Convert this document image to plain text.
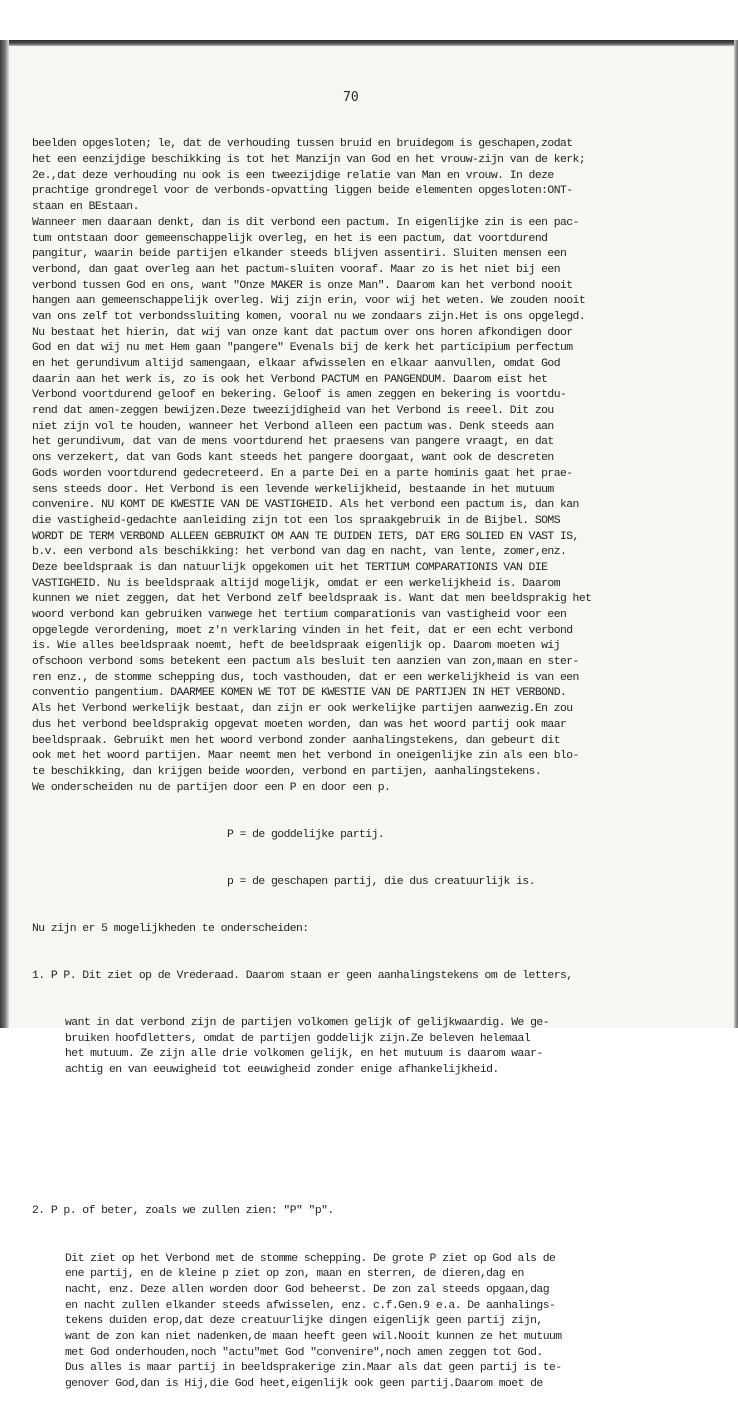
70

beelden opgesloten; le, dat de verhouding tussen bruid en bruidegom is geschapen,zodat
het een eenzijdige beschikking is tot het Manzijn van God en het vrouw-zijn van de kerk;
2e.,dat deze verhouding nu ook is een tweezijdige relatie van Man en vrouw. In deze
prachtige grondregel voor de verbonds-opvatting liggen beide elementen opgesloten:ONT-
staan en BEstaan.
Wanneer men daaraan denkt, dan is dit verbond een pactum. In eigenlijke zin is een pac-
tum ontstaan door gemeenschappelijk overleg, en het is een pactum, dat voortdurend
pangitur, waarin beide partijen elkander steeds blijven assentiri. Sluiten mensen een
verbond, dan gaat overleg aan het pactum-sluiten vooraf. Maar zo is het niet bij een
verbond tussen God en ons, want "Onze MAKER is onze Man". Daarom kan het verbond nooit
hangen aan gemeenschappelijk overleg. Wij zijn erin, voor wij het weten. We zouden nooit
van ons zelf tot verbondssluiting komen, vooral nu we zondaars zijn.Het is ons opgelegd.
Nu bestaat het hierin, dat wij van onze kant dat pactum over ons horen afkondigen door
God en dat wij nu met Hem gaan "pangere" Evenals bij de kerk het participium perfectum
en het gerundivum altijd samengaan, elkaar afwisselen en elkaar aanvullen, omdat God
daarin aan het werk is, zo is ook het Verbond PACTUM en PANGENDUM. Daarom eist het
Verbond voortdurend geloof en bekering. Geloof is amen zeggen en bekering is voortdu-
rend dat amen-zeggen bewijzen.Deze tweezijdigheid van het Verbond is reeel. Dit zou
niet zijn vol te houden, wanneer het Verbond alleen een pactum was. Denk steeds aan
het gerundivum, dat van de mens voortdurend het praesens van pangere vraagt, en dat
ons verzekert, dat van Gods kant steeds het pangere doorgaat, want ook de descreten
Gods worden voortdurend gedecreteerd. En a parte Dei en a parte hominis gaat het prae-
sens steeds door. Het Verbond is een levende werkelijkheid, bestaande in het mutuum
convenire. NU KOMT DE KWESTIE VAN DE VASTIGHEID. Als het verbond een pactum is, dan kan
die vastigheid-gedachte aanleiding zijn tot een los spraakgebruik in de Bijbel. SOMS
WORDT DE TERM VERBOND ALLEEN GEBRUIKT OM AAN TE DUIDEN IETS, DAT ERG SOLIED EN VAST IS,
b.v. een verbond als beschikking: het verbond van dag en nacht, van lente, zomer,enz.
Deze beeldspraak is dan natuurlijk opgekomen uit het TERTIUM COMPARATIONIS VAN DIE
VASTIGHEID. Nu is beeldspraak altijd mogelijk, omdat er een werkelijkheid is. Daarom
kunnen we niet zeggen, dat het Verbond zelf beeldspraak is. Want dat men beeldsprakig het
woord verbond kan gebruiken vanwege het tertium comparationis van vastigheid voor een
opgelegde verordening, moet z'n verklaring vinden in het feit, dat er een echt verbond
is. Wie alles beeldspraak noemt, heft de beeldspraak eigenlijk op. Daarom moeten wij
ofschoon verbond soms betekent een pactum als besluit ten aanzien van zon,maan en ster-
ren enz., de stomme schepping dus, toch vasthouden, dat er een werkelijkheid is van een
conventio pangentium. DAARMEE KOMEN WE TOT DE KWESTIE VAN DE PARTIJEN IN HET VERBOND.
Als het Verbond werkelijk bestaat, dan zijn er ook werkelijke partijen aanwezig.En zou
dus het verbond beeldsprakig opgevat moeten worden, dan was het woord partij ook maar
beeldspraak. Gebruikt men het woord verbond zonder aanhalingstekens, dan gebeurt dit
ook met het woord partijen. Maar neemt men het verbond in oneigenlijke zin als een blo-
te beschikking, dan krijgen beide woorden, verbond en partijen, aanhalingstekens.
We onderscheiden nu de partijen door een P en door een p.

P = de goddelijke partij.

p = de geschapen partij, die dus creatuurlijk is.

Nu zijn er 5 mogelijkheden te onderscheiden:

1. P P. Dit ziet op de Vrederaad. Daarom staan er geen aanhalingstekens om de letters,

want in dat verbond zijn de partijen volkomen gelijk of gelijkwaardig. We ge-
bruiken hoofdletters, omdat de partijen goddelijk zijn.Ze beleven helemaal
het mutuum. Ze zijn alle drie volkomen gelijk, en het mutuum is daarom waar-
achtig en van eeuwigheid tot eeuwigheid zonder enige afhankelijkheid.

2. P p. of beter, zoals we zullen zien: "P" "p".

Dit ziet op het Verbond met de stomme schepping. De grote P ziet op God als de
ene partij, en de kleine p ziet op zon, maan en sterren, de dieren,dag en
nacht, enz. Deze allen worden door God beheerst. De zon zal steeds opgaan,dag
en nacht zullen elkander steeds afwisselen, enz. c.f.Gen.9 e.a. De aanhalings-
tekens duiden erop,dat deze creatuurlijke dingen eigenlijk geen partij zijn,
want de zon kan niet nadenken,de maan heeft geen wil.Nooit kunnen ze het mutuum
met God onderhouden,noch "actu"met God "convenire",noch amen zeggen tot God.
Dus alles is maar partij in beeldsprakerige zin.Maar als dat geen partij is te-
genover God,dan is Hij,die God heet,eigenlijk ook geen partij.Daarom moet de
